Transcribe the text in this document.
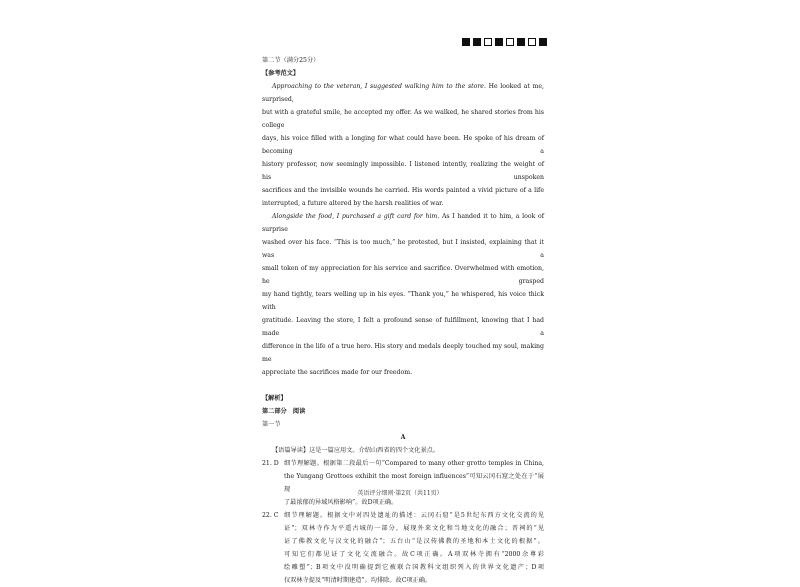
第二节（满分25分）
【参考范文】
Approaching to the veteran, I suggested walking him to the store. He looked at me, surprised,
but with a grateful smile, he accepted my offer. As we walked, he shared stories from his college
days, his voice filled with a longing for what could have been. He spoke of his dream of becoming a
history professor, now seemingly impossible. I listened intently, realizing the weight of his unspoken
sacrifices and the invisible wounds he carried. His words painted a vivid picture of a life
interrupted, a future altered by the harsh realities of war.
Alongside the food, I purchased a gift card for him. As I handed it to him, a look of surprise
washed over his face. “This is too much,” he protested, but I insisted, explaining that it was a
small token of my appreciation for his service and sacrifice. Overwhelmed with emotion, he grasped
my hand tightly, tears welling up in his eyes. “Thank you,” he whispered, his voice thick with
gratitude. Leaving the store, I felt a profound sense of fulfillment, knowing that I had made a
difference in the life of a true hero. His story and medals deeply touched my soul, making me
appreciate the sacrifices made for our freedom.
【解析】
第二部分　阅读
第一节
A
【语篇导读】这是一篇应用文。介绍山西省的四个文化景点。
21. D 细节理解题。根据第二段最后一句“Compared to many other grotto temples in China,
the Yungang Grottoes exhibit the most foreign influences”可知云冈石窟之处在于“展现
了最浓郁的异域风格影响”。故D项正确。
22. C 细节理解题。根据文中对四处遗址的描述：云冈石窟“是5世纪东西方文化交流的见
证”；双林寺作为平遥古城的一部分，展现外来文化和当地文化的融合；晋祠的“见
证了佛教文化与汉文化的融合”；五台山“是汉传佛教的圣地和本土文化的根据”。
可知它们都见证了文化交流融合。故C项正确。A项双林寺拥有“2000余尊彩
绘雕塑”；B项文中没明确提到它被联合国教科文组织列入的世界文化遗产；D项
仅双林寺提及“明清时期建造”。均排除。故C项正确。
英语评分细则·第2页（共11页）
